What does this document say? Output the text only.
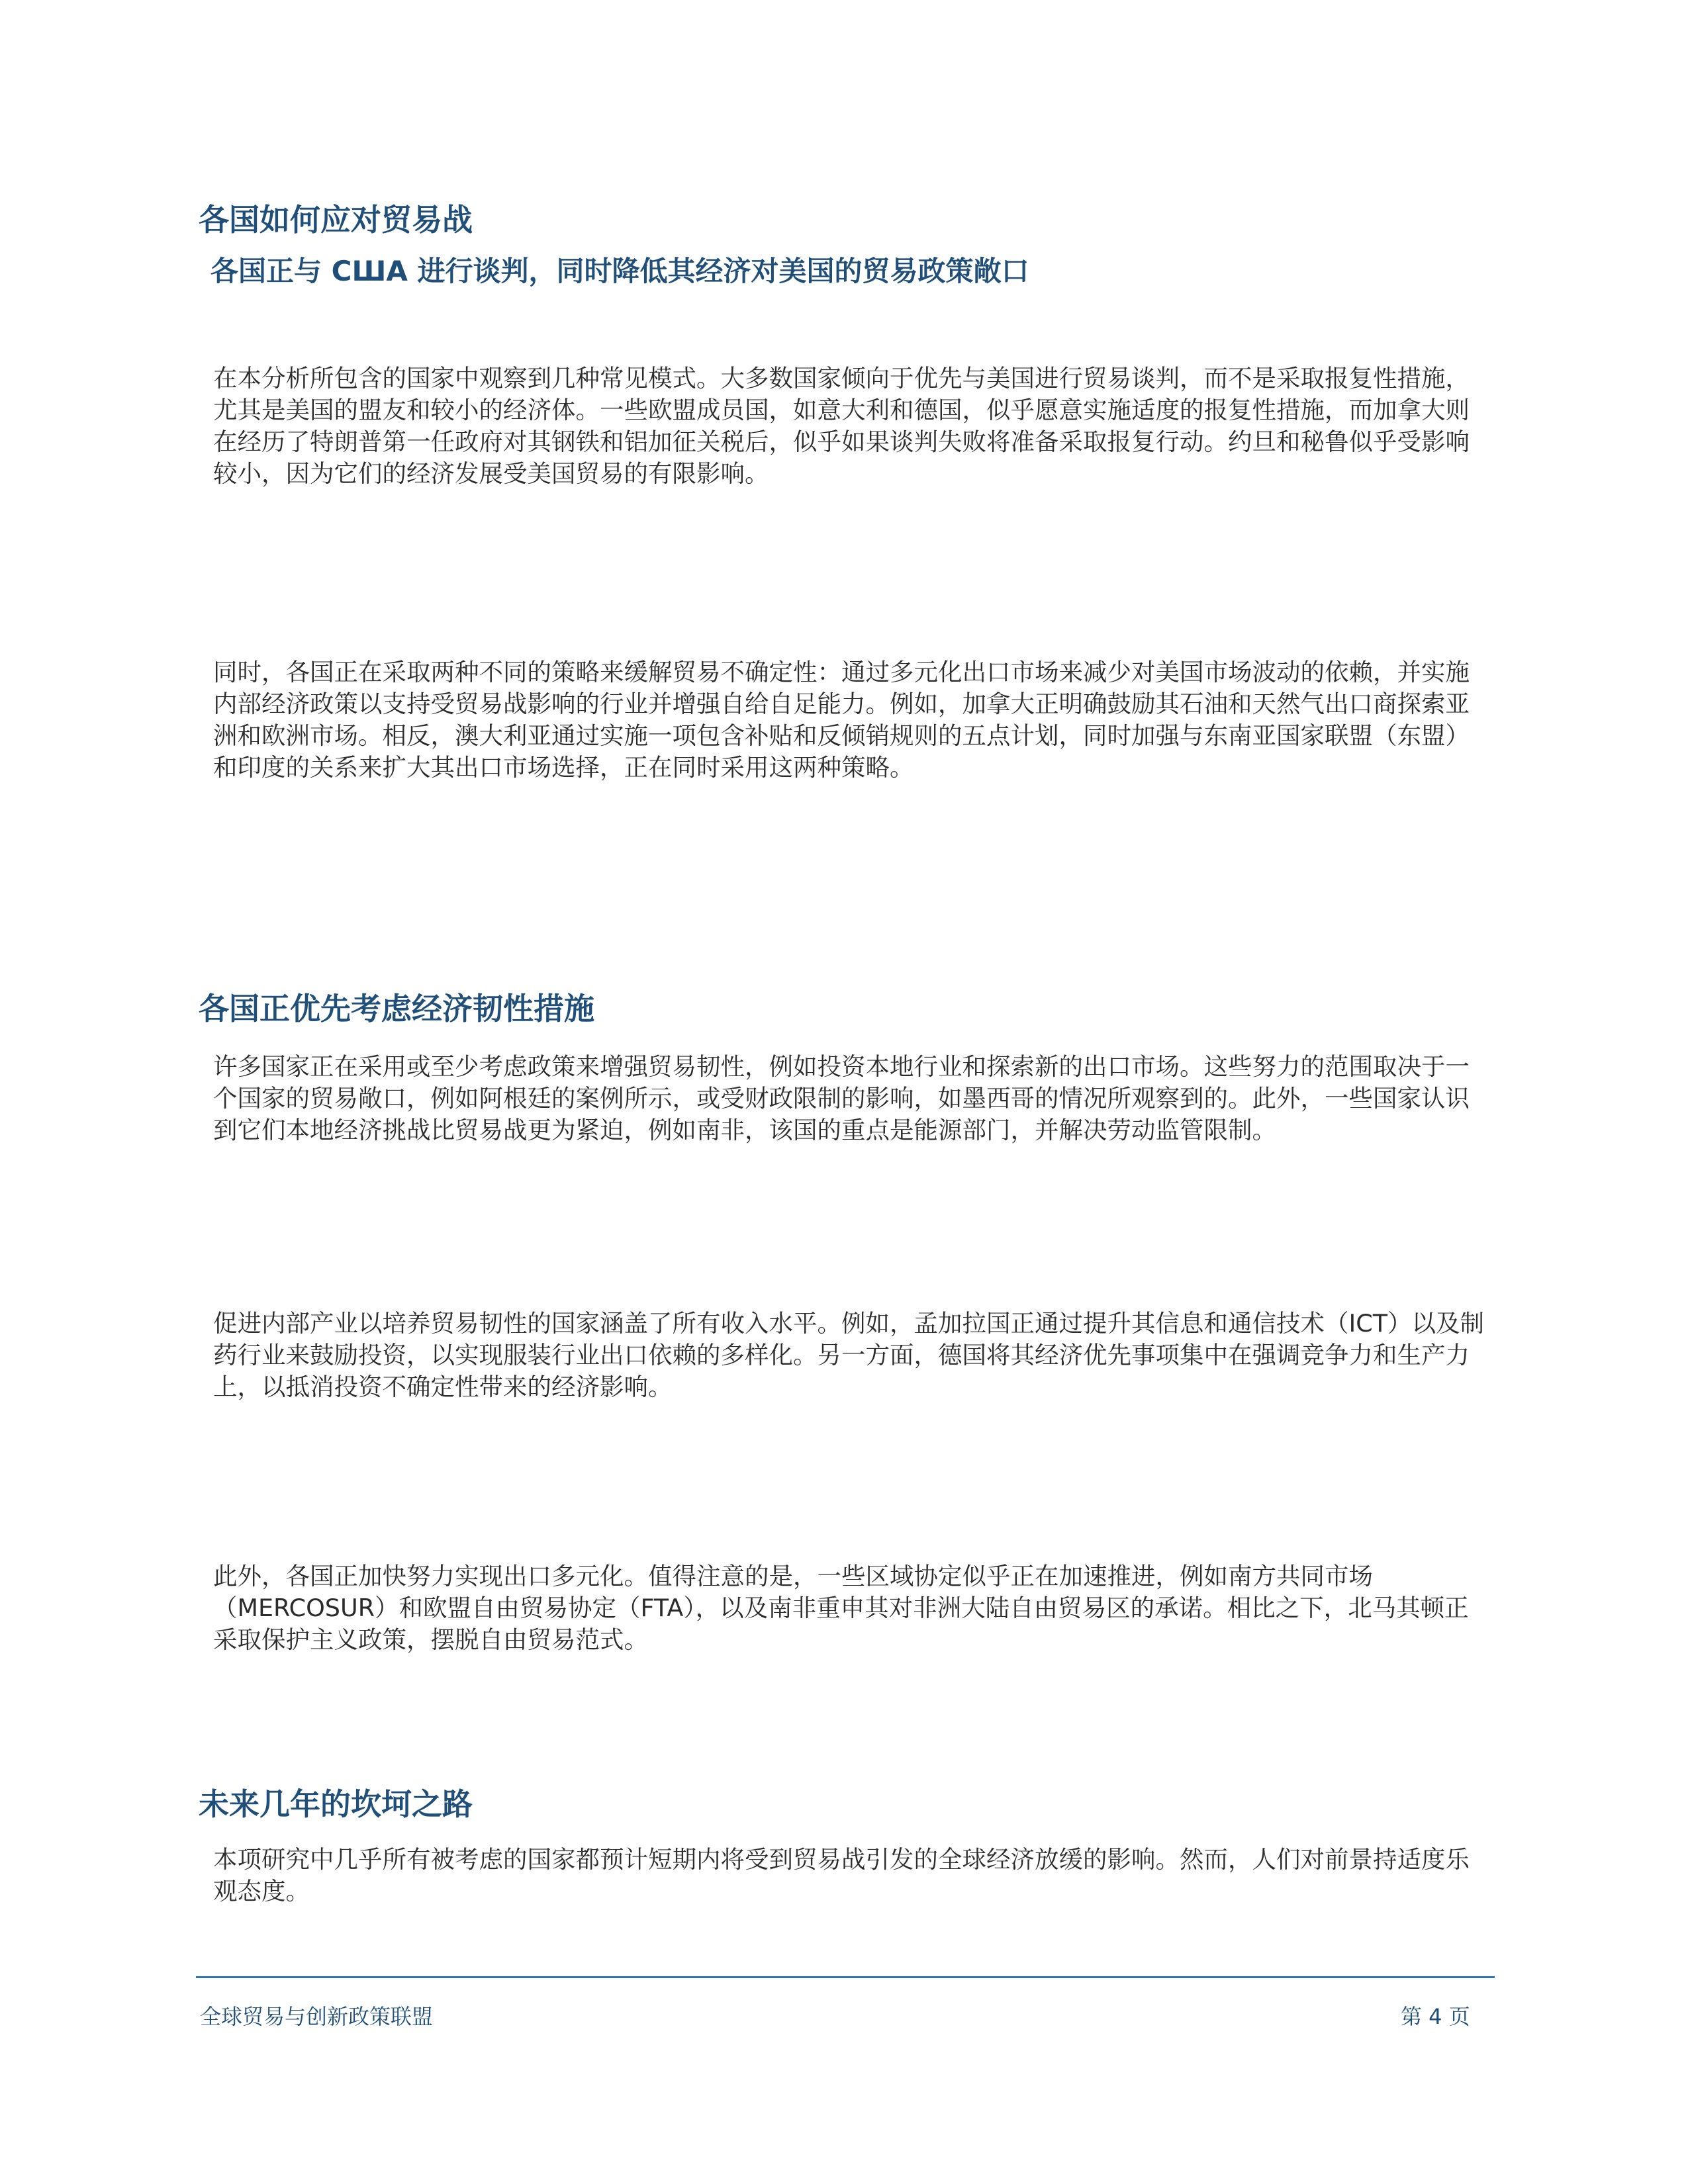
各国如何应对贸易战
各国正与 CШA 进行谈判，同时降低其经济对美国的贸易政策敞口
在本分析所包含的国家中观察到几种常见模式。大多数国家倾向于优先与美国进行贸易谈判，而不是采取报复性措施，尤其是美国的盟友和较小的经济体。一些欧盟成员国，如意大利和德国，似乎愿意实施适度的报复性措施，而加拿大则在经历了特朗普第一任政府对其钢铁和铝加征关税后，似乎如果谈判失败将准备采取报复行动。约旦和秘鲁似乎受影响较小，因为它们的经济发展受美国贸易的有限影响。
同时，各国正在采取两种不同的策略来缓解贸易不确定性：通过多元化出口市场来减少对美国市场波动的依赖，并实施内部经济政策以支持受贸易战影响的行业并增强自给自足能力。例如，加拿大正明确鼓励其石油和天然气出口商探索亚洲和欧洲市场。相反，澳大利亚通过实施一项包含补贴和反倾销规则的五点计划，同时加强与东南亚国家联盟（东盟）和印度的关系来扩大其出口市场选择，正在同时采用这两种策略。
各国正优先考虑经济韧性措施
许多国家正在采用或至少考虑政策来增强贸易韧性，例如投资本地行业和探索新的出口市场。这些努力的范围取决于一个国家的贸易敞口，例如阿根廷的案例所示，或受财政限制的影响，如墨西哥的情况所观察到的。此外，一些国家认识到它们本地经济挑战比贸易战更为紧迫，例如南非，该国的重点是能源部门，并解决劳动监管限制。
促进内部产业以培养贸易韧性的国家涵盖了所有收入水平。例如，孟加拉国正通过提升其信息和通信技术（ICT）以及制药行业来鼓励投资，以实现服装行业出口依赖的多样化。另一方面，德国将其经济优先事项集中在强调竞争力和生产力上，以抵消投资不确定性带来的经济影响。
此外，各国正加快努力实现出口多元化。值得注意的是，一些区域协定似乎正在加速推进，例如南方共同市场（MERCOSUR）和欧盟自由贸易协定（FTA），以及南非重申其对非洲大陆自由贸易区的承诺。相比之下，北马其顿正采取保护主义政策，摆脱自由贸易范式。
未来几年的坎坷之路
本项研究中几乎所有被考虑的国家都预计短期内将受到贸易战引发的全球经济放缓的影响。然而，人们对前景持适度乐观态度。
全球贸易与创新政策联盟	第 4 页
